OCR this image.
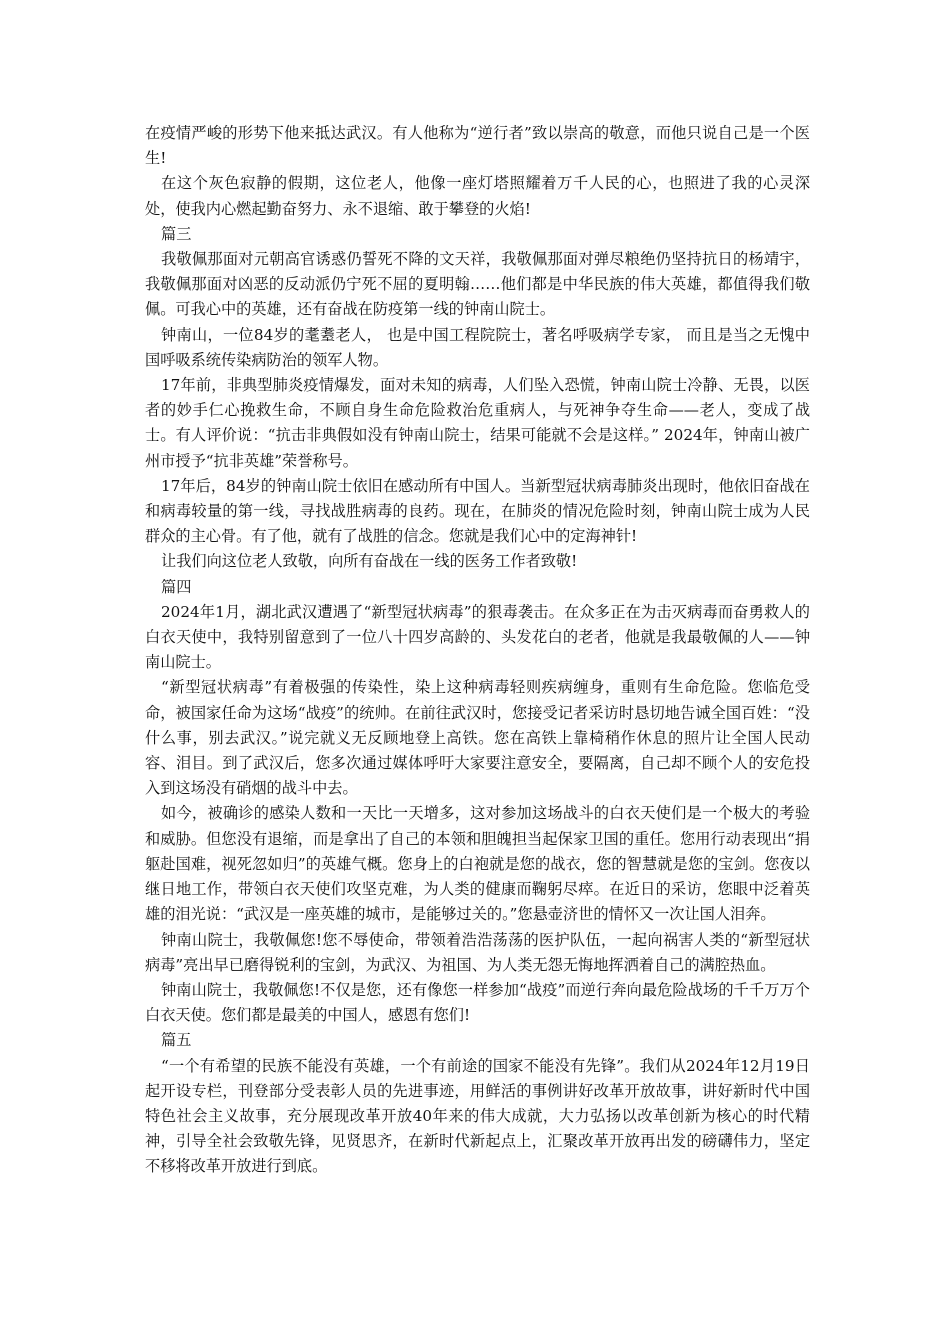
在疫情严峻的形势下他来抵达武汉。有人他称为“逆行者”致以崇高的敬意，而他只说自己是一个医生!

在这个灰色寂静的假期，这位老人，他像一座灯塔照耀着万千人民的心，也照进了我的心灵深处，使我内心燃起勤奋努力、永不退缩、敢于攀登的火焰!

篇三

我敬佩那面对元朝高官诱惑仍誓死不降的文天祥，我敬佩那面对弹尽粮绝仍坚持抗日的杨靖宇，我敬佩那面对凶恶的反动派仍宁死不屈的夏明翰……他们都是中华民族的伟大英雄，都值得我们敬佩。可我心中的英雄，还有奋战在防疫第一线的钟南山院士。

钟南山，一位84岁的耄耋老人， 也是中国工程院院士，著名呼吸病学专家， 而且是当之无愧中国呼吸系统传染病防治的领军人物。

17年前，非典型肺炎疫情爆发，面对未知的病毒，人们坠入恐慌，钟南山院士冷静、无畏，以医者的妙手仁心挽救生命，不顾自身生命危险救治危重病人，与死神争夺生命——老人，变成了战士。有人评价说：“抗击非典假如没有钟南山院士，结果可能就不会是这样。” 2024年，钟南山被广州市授予“抗非英雄”荣誉称号。

17年后，84岁的钟南山院士依旧在感动所有中国人。当新型冠状病毒肺炎出现时，他依旧奋战在和病毒较量的第一线，寻找战胜病毒的良药。现在，在肺炎的情况危险时刻，钟南山院士成为人民群众的主心骨。有了他，就有了战胜的信念。您就是我们心中的定海神针!

让我们向这位老人致敬，向所有奋战在一线的医务工作者致敬!

篇四

2024年1月，湖北武汉遭遇了“新型冠状病毒”的狠毒袭击。在众多正在为击灭病毒而奋勇救人的白衣天使中，我特别留意到了一位八十四岁高龄的、头发花白的老者，他就是我最敬佩的人——钟南山院士。

“新型冠状病毒”有着极强的传染性，染上这种病毒轻则疾病缠身，重则有生命危险。您临危受命，被国家任命为这场“战疫”的统帅。在前往武汉时，您接受记者采访时恳切地告诫全国百姓：“没什么事，别去武汉。”说完就义无反顾地登上高铁。您在高铁上靠椅稍作休息的照片让全国人民动容、泪目。到了武汉后，您多次通过媒体呼吁大家要注意安全，要隔离，自己却不顾个人的安危投入到这场没有硝烟的战斗中去。

如今，被确诊的感染人数和一天比一天增多，这对参加这场战斗的白衣天使们是一个极大的考验和威胁。但您没有退缩，而是拿出了自己的本领和胆魄担当起保家卫国的重任。您用行动表现出“捐躯赴国难，视死忽如归”的英雄气概。您身上的白袍就是您的战衣，您的智慧就是您的宝剑。您夜以继日地工作，带领白衣天使们攻坚克难，为人类的健康而鞠躬尽瘁。在近日的采访，您眼中泛着英雄的泪光说：“武汉是一座英雄的城市，是能够过关的。”您悬壶济世的情怀又一次让国人泪奔。

钟南山院士，我敬佩您!您不辱使命，带领着浩浩荡荡的医护队伍，一起向祸害人类的“新型冠状病毒”亮出早已磨得锐利的宝剑，为武汉、为祖国、为人类无怨无悔地挥洒着自己的满腔热血。

钟南山院士，我敬佩您!不仅是您，还有像您一样参加“战疫”而逆行奔向最危险战场的千千万万个白衣天使。您们都是最美的中国人，感恩有您们!

篇五

“一个有希望的民族不能没有英雄，一个有前途的国家不能没有先锋”。我们从2024年12月19日起开设专栏，刊登部分受表彰人员的先进事迹，用鲜活的事例讲好改革开放故事，讲好新时代中国特色社会主义故事，充分展现改革开放40年来的伟大成就，大力弘扬以改革创新为核心的时代精神，引导全社会致敬先锋，见贤思齐，在新时代新起点上，汇聚改革开放再出发的磅礴伟力，坚定不移将改革开放进行到底。
